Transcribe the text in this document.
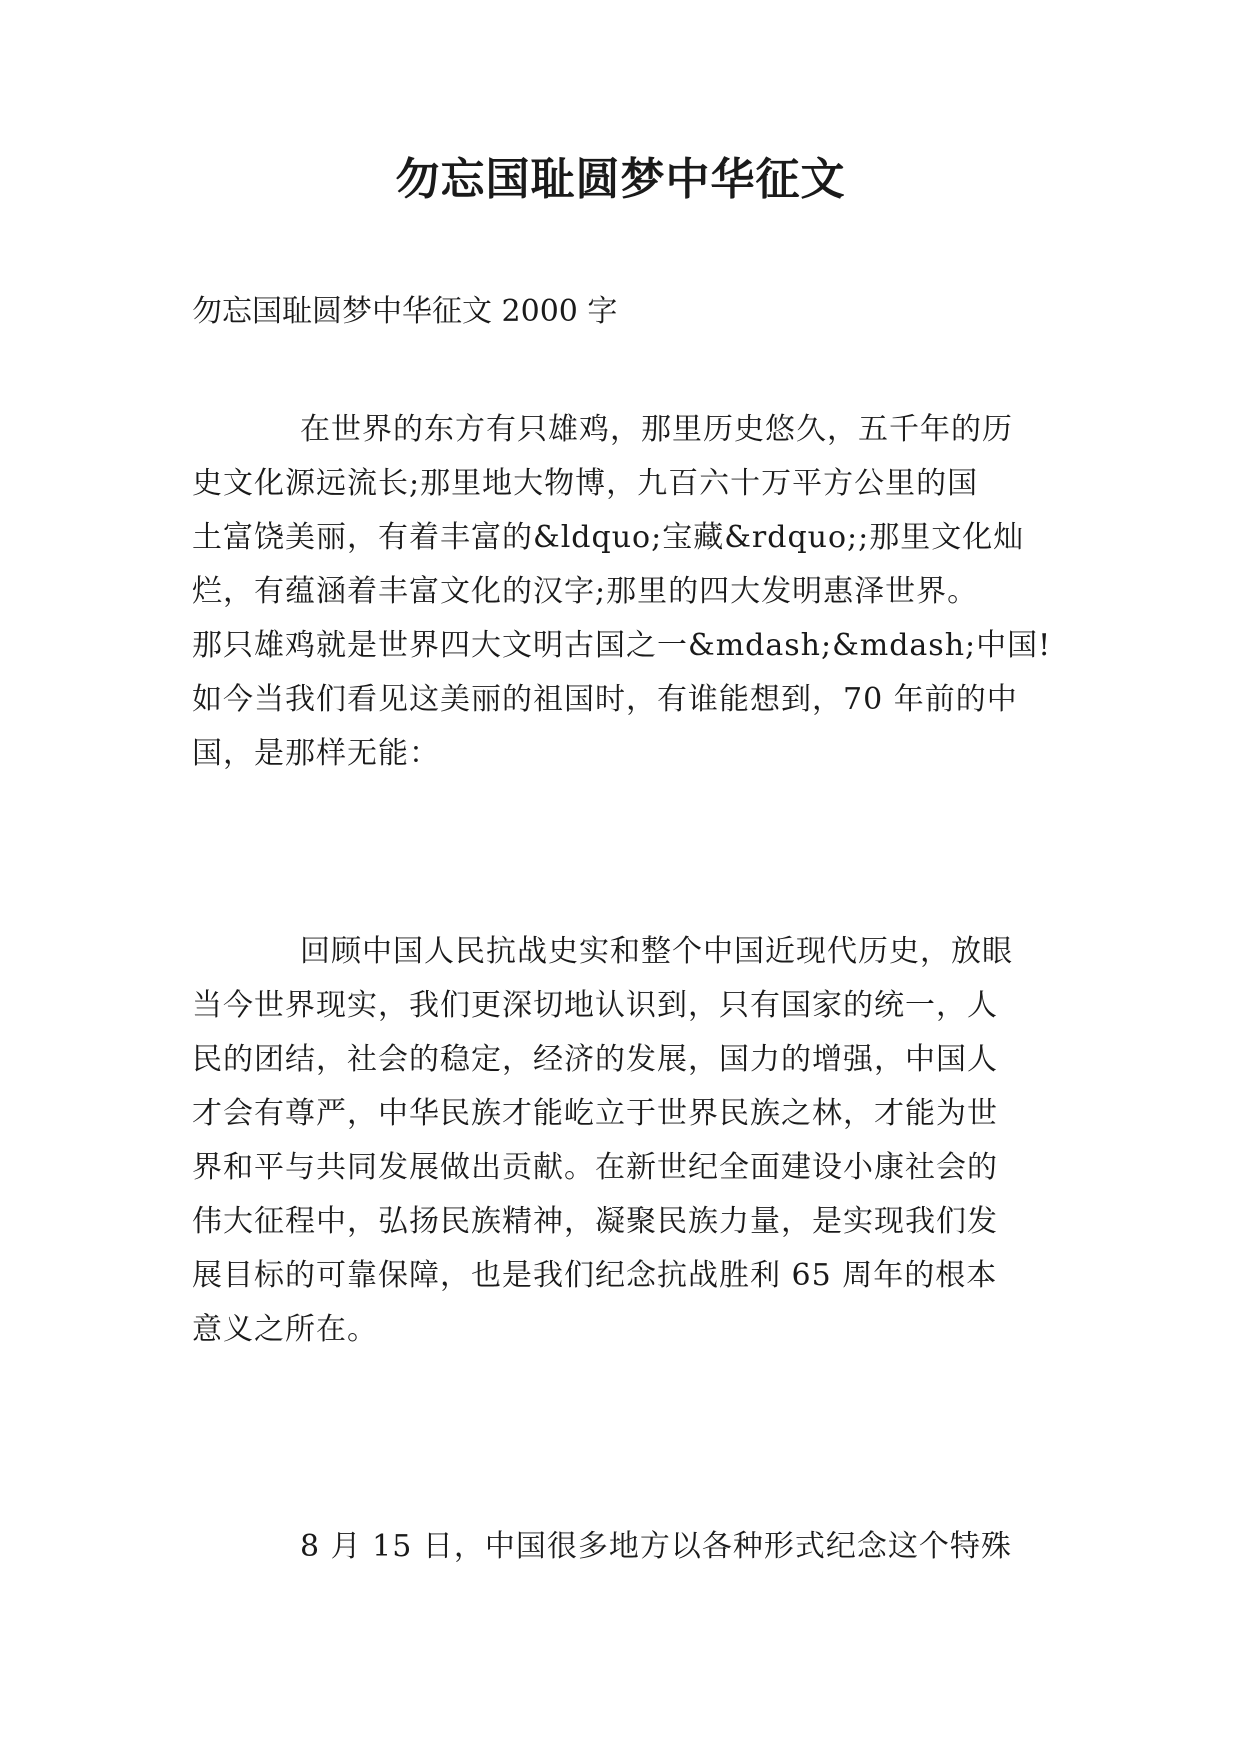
勿忘国耻圆梦中华征文
勿忘国耻圆梦中华征文 2000 字
在世界的东方有只雄鸡，那里历史悠久，五千年的历
史文化源远流长;那里地大物博，九百六十万平方公里的国
土富饶美丽，有着丰富的&ldquo;宝藏&rdquo;;那里文化灿
烂，有蕴涵着丰富文化的汉字;那里的四大发明惠泽世界。
那只雄鸡就是世界四大文明古国之一&mdash;&mdash;中国!
如今当我们看见这美丽的祖国时，有谁能想到，70 年前的中
国，是那样无能：
回顾中国人民抗战史实和整个中国近现代历史，放眼
当今世界现实，我们更深切地认识到，只有国家的统一，人
民的团结，社会的稳定，经济的发展，国力的增强，中国人
才会有尊严，中华民族才能屹立于世界民族之林，才能为世
界和平与共同发展做出贡献。在新世纪全面建设小康社会的
伟大征程中，弘扬民族精神，凝聚民族力量，是实现我们发
展目标的可靠保障，也是我们纪念抗战胜利 65 周年的根本
意义之所在。
8 月 15 日，中国很多地方以各种形式纪念这个特殊
